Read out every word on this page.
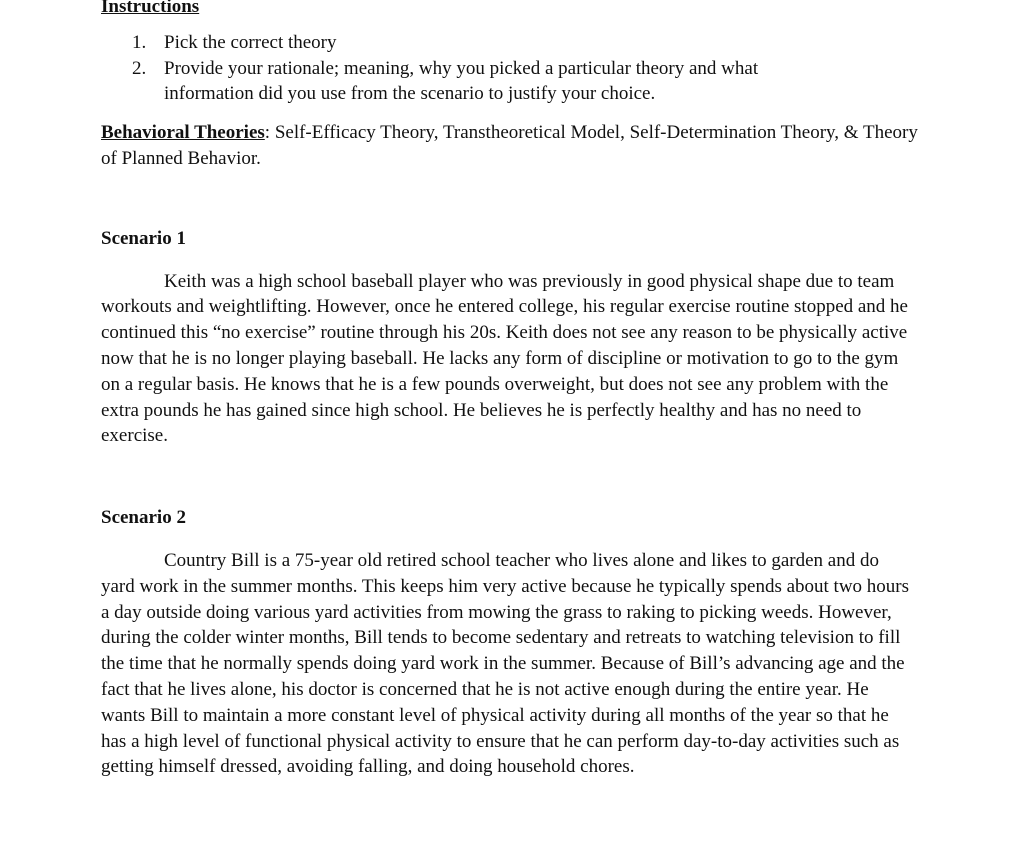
Instructions

1. Pick the correct theory
2. Provide your rationale; meaning, why you picked a particular theory and what information did you use from the scenario to justify your choice.

Behavioral Theories: Self-Efficacy Theory, Transtheoretical Model, Self-Determination Theory, & Theory of Planned Behavior.

Scenario 1

Keith was a high school baseball player who was previously in good physical shape due to team workouts and weightlifting. However, once he entered college, his regular exercise routine stopped and he continued this “no exercise” routine through his 20s. Keith does not see any reason to be physically active now that he is no longer playing baseball. He lacks any form of discipline or motivation to go to the gym on a regular basis. He knows that he is a few pounds overweight, but does not see any problem with the extra pounds he has gained since high school. He believes he is perfectly healthy and has no need to exercise.

Scenario 2

Country Bill is a 75-year old retired school teacher who lives alone and likes to garden and do yard work in the summer months. This keeps him very active because he typically spends about two hours a day outside doing various yard activities from mowing the grass to raking to picking weeds. However, during the colder winter months, Bill tends to become sedentary and retreats to watching television to fill the time that he normally spends doing yard work in the summer. Because of Bill’s advancing age and the fact that he lives alone, his doctor is concerned that he is not active enough during the entire year. He wants Bill to maintain a more constant level of physical activity during all months of the year so that he has a high level of functional physical activity to ensure that he can perform day-to-day activities such as getting himself dressed, avoiding falling, and doing household chores.
